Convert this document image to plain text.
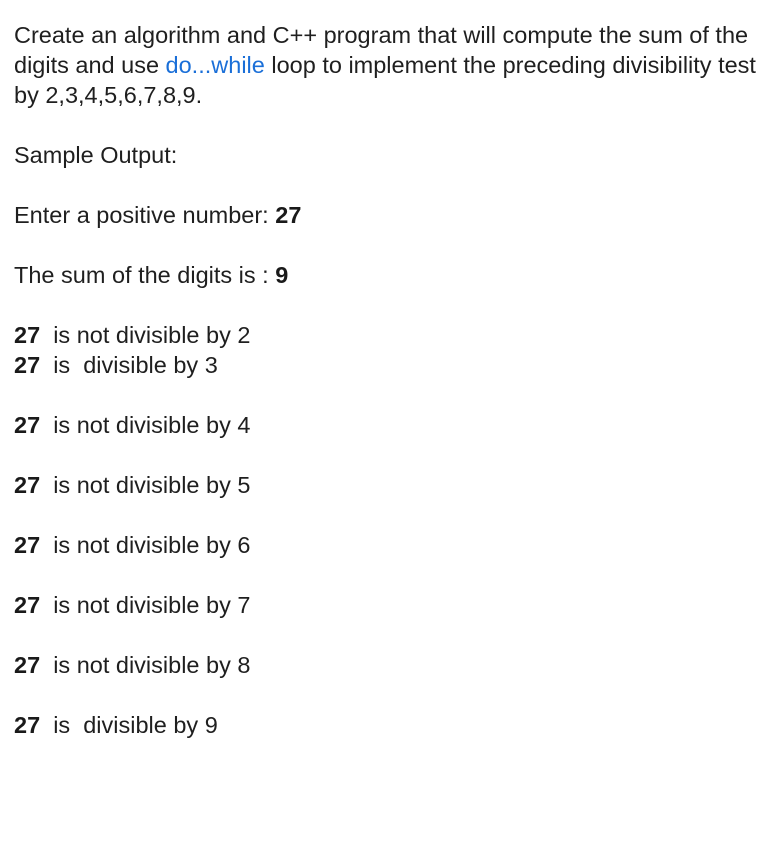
Create an algorithm and C++ program that will compute the sum of the digits and use do...while loop to implement the preceding divisibility test by 2,3,4,5,6,7,8,9.

Sample Output:

Enter a positive number: 27

The sum of the digits is : 9

27  is not divisible by 2

27  is  divisible by 3

27  is not divisible by 4

27  is not divisible by 5

27  is not divisible by 6

27  is not divisible by 7

27  is not divisible by 8

27  is  divisible by 9
